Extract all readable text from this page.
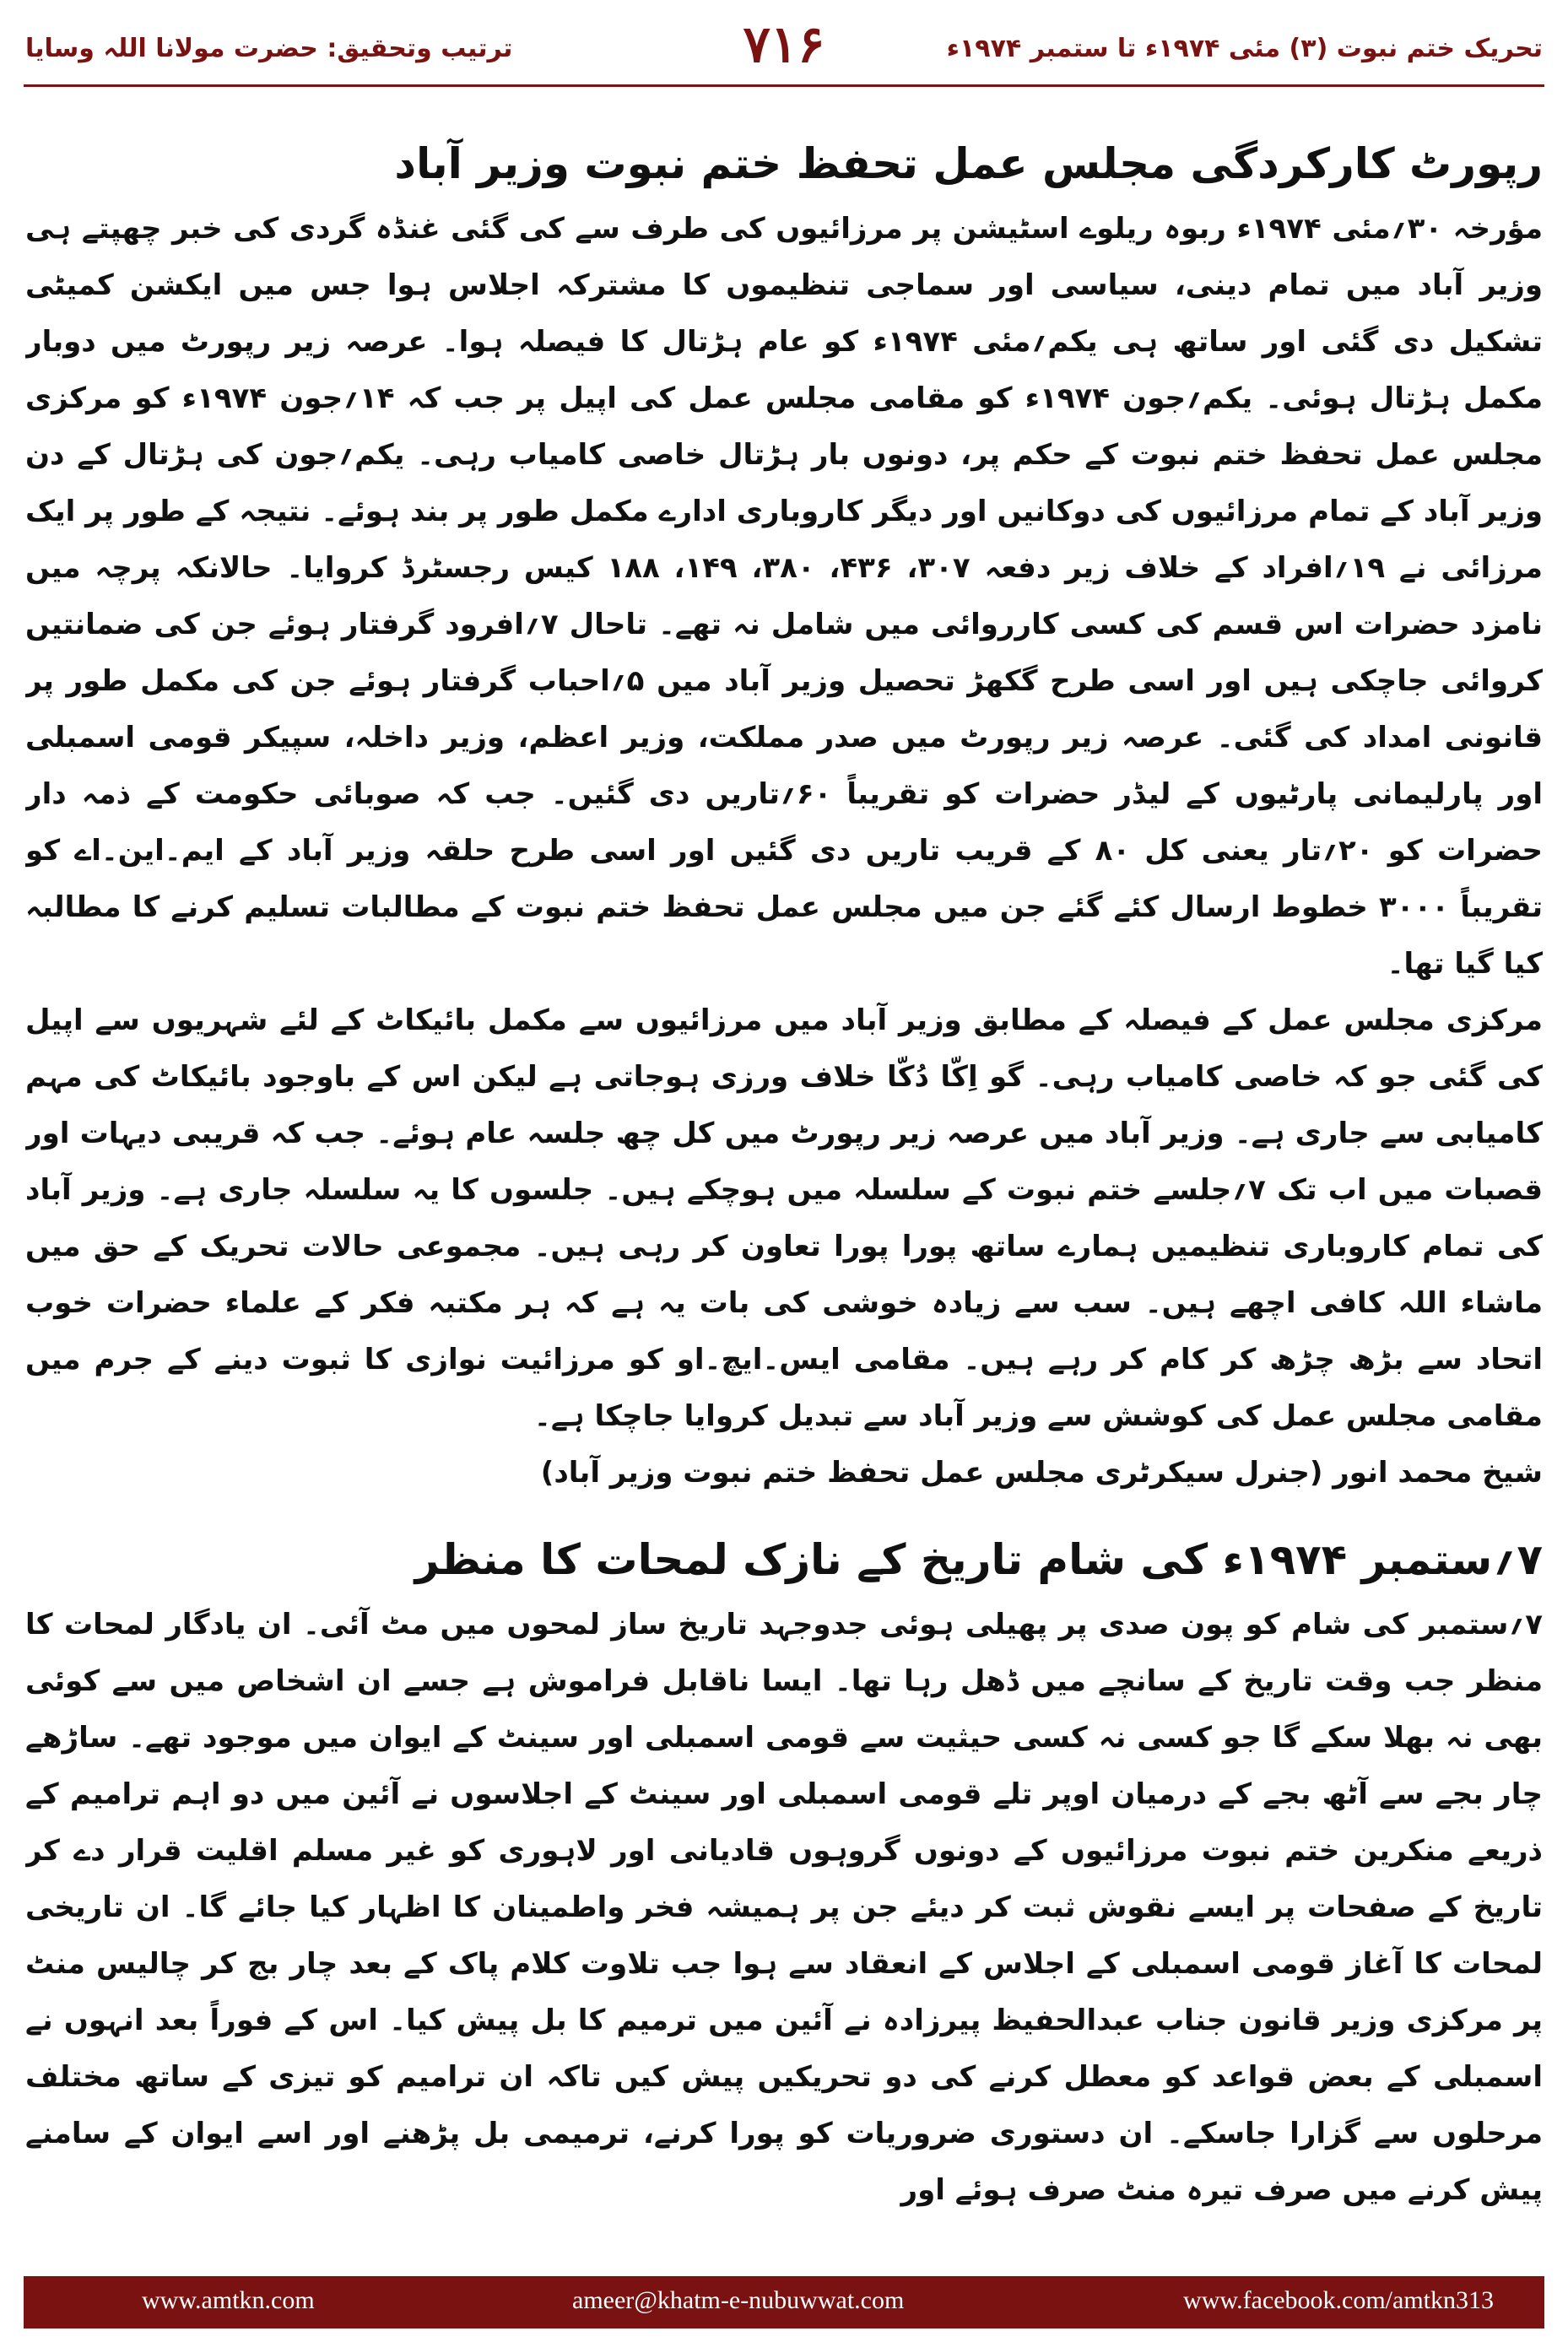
تحریک ختم نبوت (۳) مئی ۱۹۷۴ء تا ستمبر ۱۹۷۴ء
۷۱۶
ترتیب وتحقیق: حضرت مولانا اللہ وسایا
رپورٹ کارکردگی مجلس عمل تحفظ ختم نبوت وزیر آباد

مؤرخہ ۳۰؍مئی ۱۹۷۴ء ربوہ ریلوے اسٹیشن پر مرزائیوں کی طرف سے کی گئی غنڈہ گردی کی خبر چھپتے ہی وزیر آباد میں تمام دینی، سیاسی اور سماجی تنظیموں کا مشترکہ اجلاس ہوا جس میں ایکشن کمیٹی تشکیل دی گئی اور ساتھ ہی یکم؍مئی ۱۹۷۴ء کو عام ہڑتال کا فیصلہ ہوا۔ عرصہ زیر رپورٹ میں دوبار مکمل ہڑتال ہوئی۔ یکم؍جون ۱۹۷۴ء کو مقامی مجلس عمل کی اپیل پر جب کہ ۱۴؍جون ۱۹۷۴ء کو مرکزی مجلس عمل تحفظ ختم نبوت کے حکم پر، دونوں بار ہڑتال خاصی کامیاب رہی۔ یکم؍جون کی ہڑتال کے دن وزیر آباد کے تمام مرزائیوں کی دوکانیں اور دیگر کاروباری ادارے مکمل طور پر بند ہوئے۔ نتیجہ کے طور پر ایک مرزائی نے ۱۹؍افراد کے خلاف زیر دفعہ ۳۰۷، ۴۳۶، ۳۸۰، ۱۴۹، ۱۸۸ کیس رجسٹرڈ کروایا۔ حالانکہ پرچہ میں نامزد حضرات اس قسم کی کسی کارروائی میں شامل نہ تھے۔ تاحال ۷؍افرود گرفتار ہوئے جن کی ضمانتیں کروائی جاچکی ہیں اور اسی طرح گکھڑ تحصیل وزیر آباد میں ۵؍احباب گرفتار ہوئے جن کی مکمل طور پر قانونی امداد کی گئی۔ عرصہ زیر رپورٹ میں صدر مملکت، وزیر اعظم، وزیر داخلہ، سپیکر قومی اسمبلی اور پارلیمانی پارٹیوں کے لیڈر حضرات کو تقریباً ۶۰؍تاریں دی گئیں۔ جب کہ صوبائی حکومت کے ذمہ دار حضرات کو ۲۰؍تار یعنی کل ۸۰ کے قریب تاریں دی گئیں اور اسی طرح حلقہ وزیر آباد کے ایم۔این۔اے کو تقریباً ۳۰۰۰ خطوط ارسال کئے گئے جن میں مجلس عمل تحفظ ختم نبوت کے مطالبات تسلیم کرنے کا مطالبہ کیا گیا تھا۔

مرکزی مجلس عمل کے فیصلہ کے مطابق وزیر آباد میں مرزائیوں سے مکمل بائیکاٹ کے لئے شہریوں سے اپیل کی گئی جو کہ خاصی کامیاب رہی۔ گو اِکّا دُکّا خلاف ورزی ہوجاتی ہے لیکن اس کے باوجود بائیکاٹ کی مہم کامیابی سے جاری ہے۔ وزیر آباد میں عرصہ زیر رپورٹ میں کل چھ جلسہ عام ہوئے۔ جب کہ قریبی دیہات اور قصبات میں اب تک ۷؍جلسے ختم نبوت کے سلسلہ میں ہوچکے ہیں۔ جلسوں کا یہ سلسلہ جاری ہے۔ وزیر آباد کی تمام کاروباری تنظیمیں ہمارے ساتھ پورا پورا تعاون کر رہی ہیں۔ مجموعی حالات تحریک کے حق میں ماشاء اللہ کافی اچھے ہیں۔ سب سے زیادہ خوشی کی بات یہ ہے کہ ہر مکتبہ فکر کے علماء حضرات خوب اتحاد سے بڑھ چڑھ کر کام کر رہے ہیں۔ مقامی ایس۔ایچ۔او کو مرزائیت نوازی کا ثبوت دینے کے جرم میں مقامی مجلس عمل کی کوشش سے وزیر آباد سے تبدیل کروایا جاچکا ہے۔

شیخ محمد انور (جنرل سیکرٹری مجلس عمل تحفظ ختم نبوت وزیر آباد)

۷؍ستمبر ۱۹۷۴ء کی شام تاریخ کے نازک لمحات کا منظر

۷؍ستمبر کی شام کو پون صدی پر پھیلی ہوئی جدوجہد تاریخ ساز لمحوں میں مٹ آئی۔ ان یادگار لمحات کا منظر جب وقت تاریخ کے سانچے میں ڈھل رہا تھا۔ ایسا ناقابل فراموش ہے جسے ان اشخاص میں سے کوئی بھی نہ بھلا سکے گا جو کسی نہ کسی حیثیت سے قومی اسمبلی اور سینٹ کے ایوان میں موجود تھے۔ ساڑھے چار بجے سے آٹھ بجے کے درمیان اوپر تلے قومی اسمبلی اور سینٹ کے اجلاسوں نے آئین میں دو اہم ترامیم کے ذریعے منکرین ختم نبوت مرزائیوں کے دونوں گروہوں قادیانی اور لاہوری کو غیر مسلم اقلیت قرار دے کر تاریخ کے صفحات پر ایسے نقوش ثبت کر دیئے جن پر ہمیشہ فخر واطمینان کا اظہار کیا جائے گا۔ ان تاریخی لمحات کا آغاز قومی اسمبلی کے اجلاس کے انعقاد سے ہوا جب تلاوت کلام پاک کے بعد چار بج کر چالیس منٹ پر مرکزی وزیر قانون جناب عبدالحفیظ پیرزادہ نے آئین میں ترمیم کا بل پیش کیا۔ اس کے فوراً بعد انہوں نے اسمبلی کے بعض قواعد کو معطل کرنے کی دو تحریکیں پیش کیں تاکہ ان ترامیم کو تیزی کے ساتھ مختلف مرحلوں سے گزارا جاسکے۔ ان دستوری ضروریات کو پورا کرنے، ترمیمی بل پڑھنے اور اسے ایوان کے سامنے پیش کرنے میں صرف تیرہ منٹ صرف ہوئے اور

www.amtkn.com	ameer@khatm-e-nubuwwat.com	www.facebook.com/amtkn313
